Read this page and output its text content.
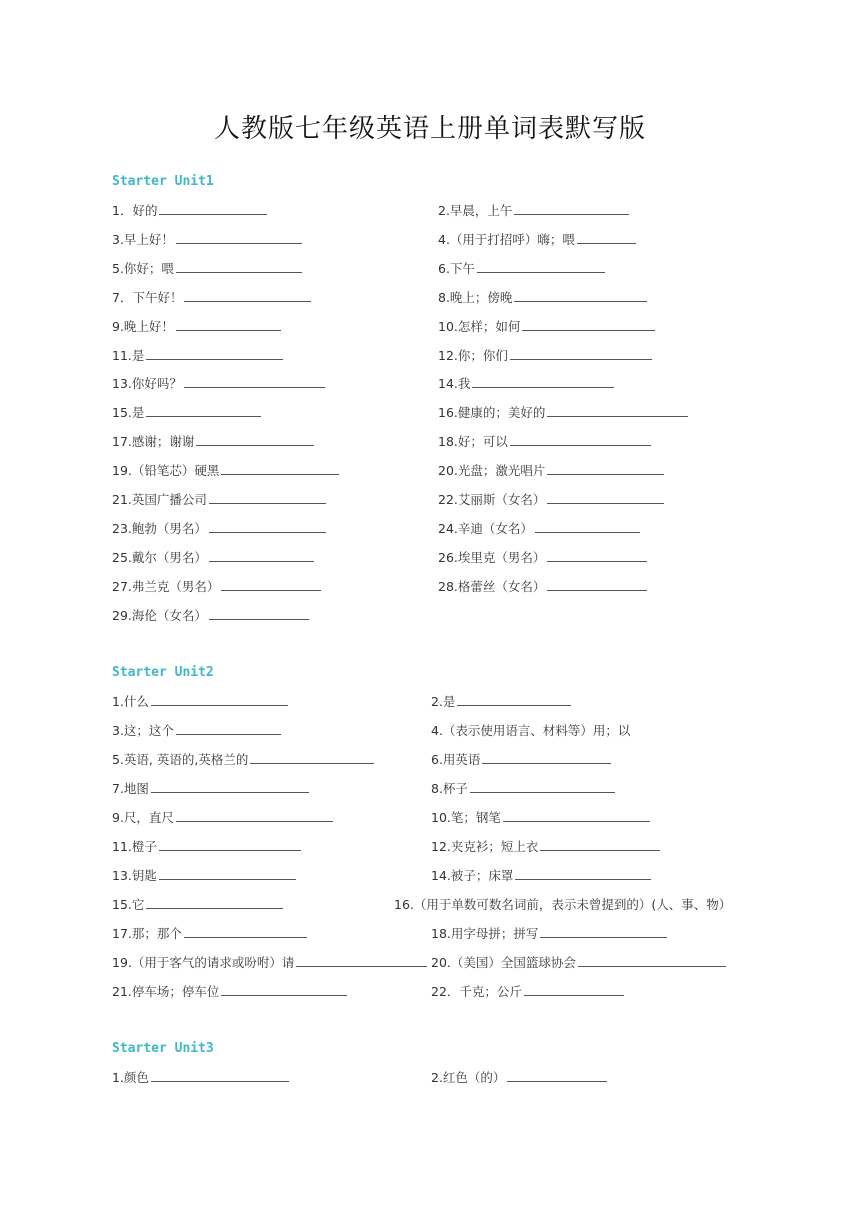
人教版七年级英语上册单词表默写版
Starter Unit1
1．好的	2.早晨，上午
3.早上好！	4.（用于打招呼）嗨；喂
5.你好；喂	6.下午
7．下午好！	8.晚上；傍晚
9.晚上好！	10.怎样；如何
11.是	12.你；你们
13.你好吗？	14.我
15.是	16.健康的；美好的
17.感谢；谢谢	18.好；可以
19.（铅笔芯）硬黑	20.光盘；激光唱片
21.英国广播公司	22.艾丽斯（女名）
23.鲍勃（男名）	24.辛迪（女名）
25.戴尔（男名）	26.埃里克（男名）
27.弗兰克（男名）	28.格蕾丝（女名）
29.海伦（女名）
Starter Unit2
1.什么	2.是
3.这；这个	4.（表示使用语言、材料等）用；以
5.英语, 英语的,英格兰的	6.用英语
7.地图	8.杯子
9.尺，直尺	10.笔；钢笔
11.橙子	12.夹克衫；短上衣
13.钥匙	14.被子；床罩
15.它	16.（用于单数可数名词前，表示未曾提到的）(人、事、物）
17.那；那个	18.用字母拼；拼写
19.（用于客气的请求或吩咐）请	20.（美国）全国篮球协会
21.停车场；停车位	22．千克；公斤
Starter Unit3
1.颜色	2.红色（的）
